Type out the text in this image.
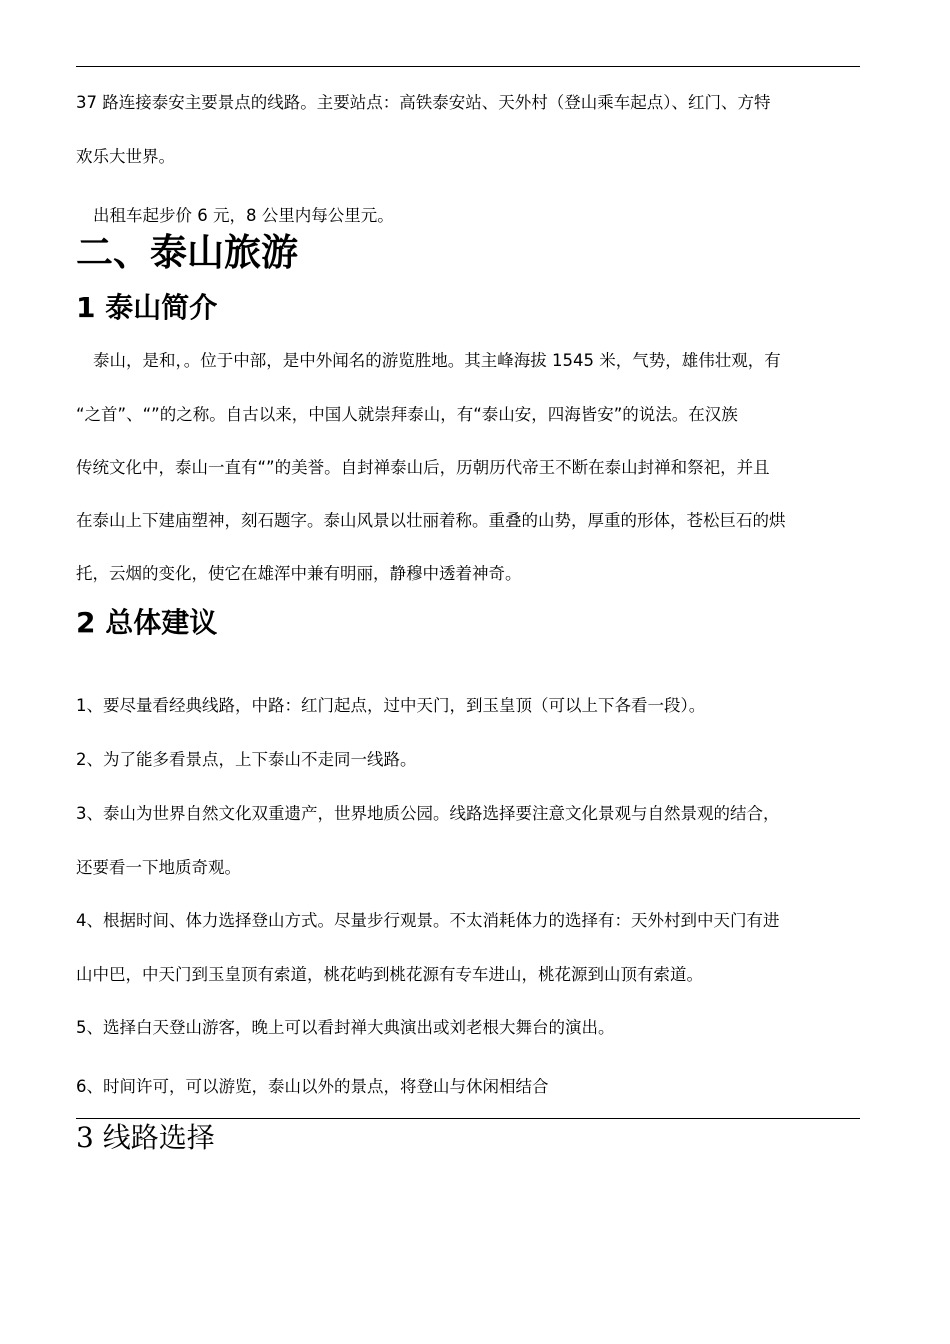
37 路连接泰安主要景点的线路。主要站点：高铁泰安站、天外村（登山乘车起点）、红门、方特
欢乐大世界。
出租车起步价 6 元，8 公里内每公里元。
二、泰山旅游
1 泰山简介
泰山，是和，。位于中部，是中外闻名的游览胜地。其主峰海拔 1545 米，气势，雄伟壮观，有
“之首”、“”的之称。自古以来，中国人就崇拜泰山，有“泰山安，四海皆安”的说法。在汉族
传统文化中，泰山一直有“”的美誉。自封禅泰山后，历朝历代帝王不断在泰山封禅和祭祀，并且
在泰山上下建庙塑神，刻石题字。泰山风景以壮丽着称。重叠的山势，厚重的形体，苍松巨石的烘
托，云烟的变化，使它在雄浑中兼有明丽，静穆中透着神奇。
2 总体建议
1、要尽量看经典线路，中路：红门起点，过中天门，到玉皇顶（可以上下各看一段）。
2、为了能多看景点，上下泰山不走同一线路。
3、泰山为世界自然文化双重遗产，世界地质公园。线路选择要注意文化景观与自然景观的结合，
还要看一下地质奇观。
4、根据时间、体力选择登山方式。尽量步行观景。不太消耗体力的选择有：天外村到中天门有进
山中巴，中天门到玉皇顶有索道，桃花屿到桃花源有专车进山，桃花源到山顶有索道。
5、选择白天登山游客，晚上可以看封禅大典演出或刘老根大舞台的演出。
6、时间许可，可以游览，泰山以外的景点，将登山与休闲相结合
3 线路选择
